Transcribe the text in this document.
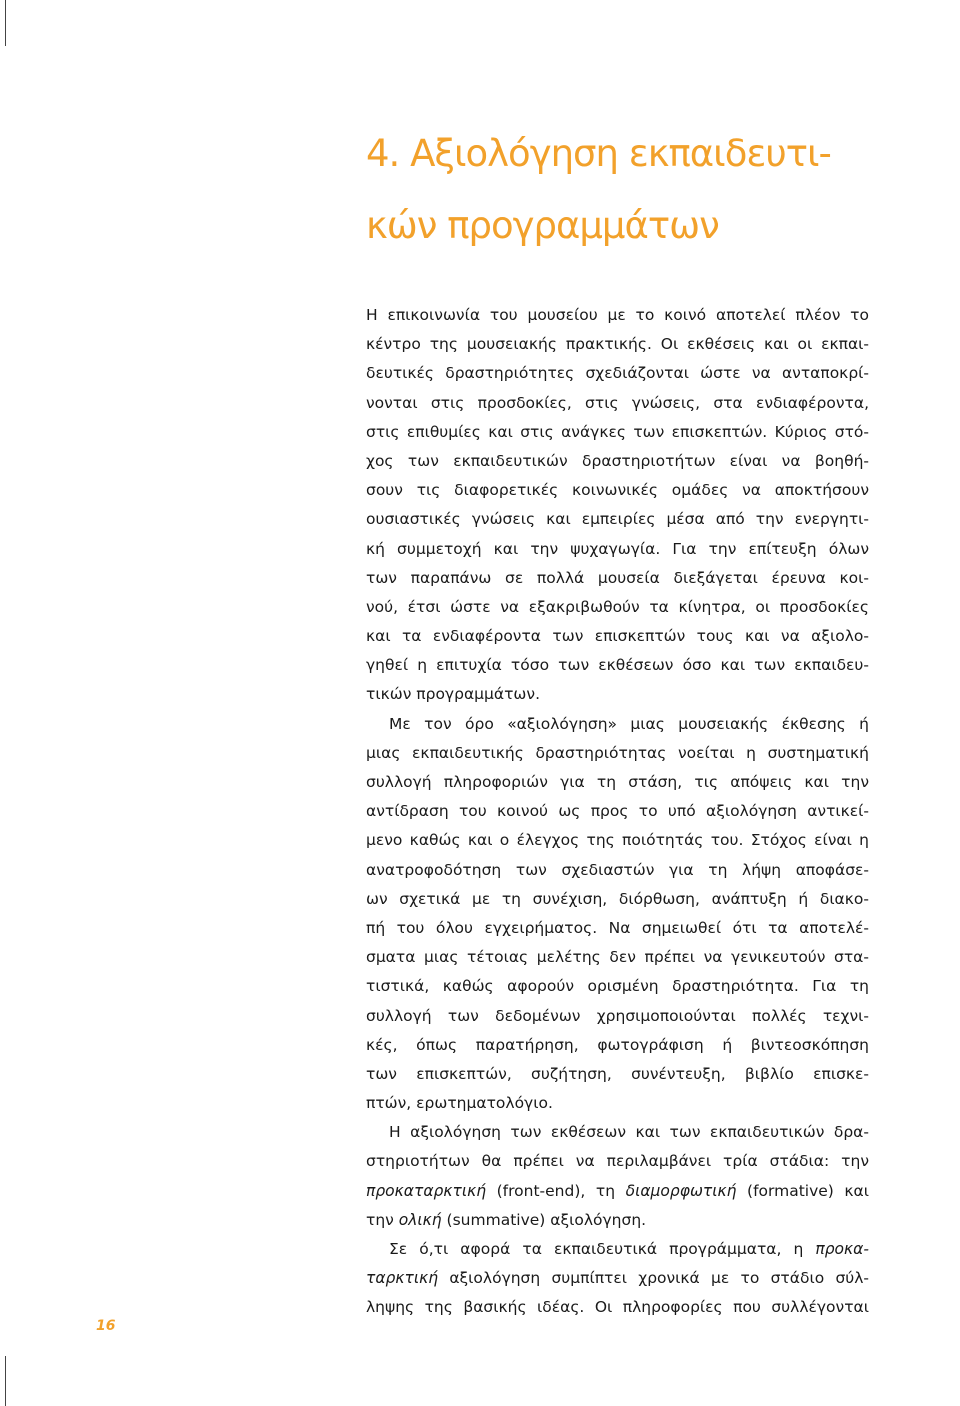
4. Αξιολόγηση εκπαιδευτι-
κών προγραμμάτων
Η επικοινωνία του μουσείου με το κοινό αποτελεί πλέον το
κέντρο της μουσειακής πρακτικής. Οι εκθέσεις και οι εκπαι-
δευτικές δραστηριότητες σχεδιάζονται ώστε να ανταποκρί-
νονται στις προσδοκίες, στις γνώσεις, στα ενδιαφέροντα,
στις επιθυμίες και στις ανάγκες των επισκεπτών. Κύριος στό-
χος των εκπαιδευτικών δραστηριοτήτων είναι να βοηθή-
σουν τις διαφορετικές κοινωνικές ομάδες να αποκτήσουν
ουσιαστικές γνώσεις και εμπειρίες μέσα από την ενεργητι-
κή συμμετοχή και την ψυχαγωγία. Για την επίτευξη όλων
των παραπάνω σε πολλά μουσεία διεξάγεται έρευνα κοι-
νού, έτσι ώστε να εξακριβωθούν τα κίνητρα, οι προσδοκίες
και τα ενδιαφέροντα των επισκεπτών τους και να αξιολο-
γηθεί η επιτυχία τόσο των εκθέσεων όσο και των εκπαιδευ-
τικών προγραμμάτων.
Με τον όρο «αξιολόγηση» μιας μουσειακής έκθεσης ή
μιας εκπαιδευτικής δραστηριότητας νοείται η συστηματική
συλλογή πληροφοριών για τη στάση, τις απόψεις και την
αντίδραση του κοινού ως προς το υπό αξιολόγηση αντικεί-
μενο καθώς και ο έλεγχος της ποιότητάς του. Στόχος είναι η
ανατροφοδότηση των σχεδιαστών για τη λήψη αποφάσε-
ων σχετικά με τη συνέχιση, διόρθωση, ανάπτυξη ή διακο-
πή του όλου εγχειρήματος. Να σημειωθεί ότι τα αποτελέ-
σματα μιας τέτοιας μελέτης δεν πρέπει να γενικευτούν στα-
τιστικά, καθώς αφορούν ορισμένη δραστηριότητα. Για τη
συλλογή των δεδομένων χρησιμοποιούνται πολλές τεχνι-
κές, όπως παρατήρηση, φωτογράφιση ή βιντεοσκόπηση
των επισκεπτών, συζήτηση, συνέντευξη, βιβλίο επισκε-
πτών, ερωτηματολόγιο.
Η αξιολόγηση των εκθέσεων και των εκπαιδευτικών δρα-
στηριοτήτων θα πρέπει να περιλαμβάνει τρία στάδια: την
προκαταρκτική (front-end), τη διαμορφωτική (formative) και
την ολική (summative) αξιολόγηση.
Σε ό,τι αφορά τα εκπαιδευτικά προγράμματα, η προκα-
ταρκτική αξιολόγηση συμπίπτει χρονικά με το στάδιο σύλ-
ληψης της βασικής ιδέας. Οι πληροφορίες που συλλέγονται
16
